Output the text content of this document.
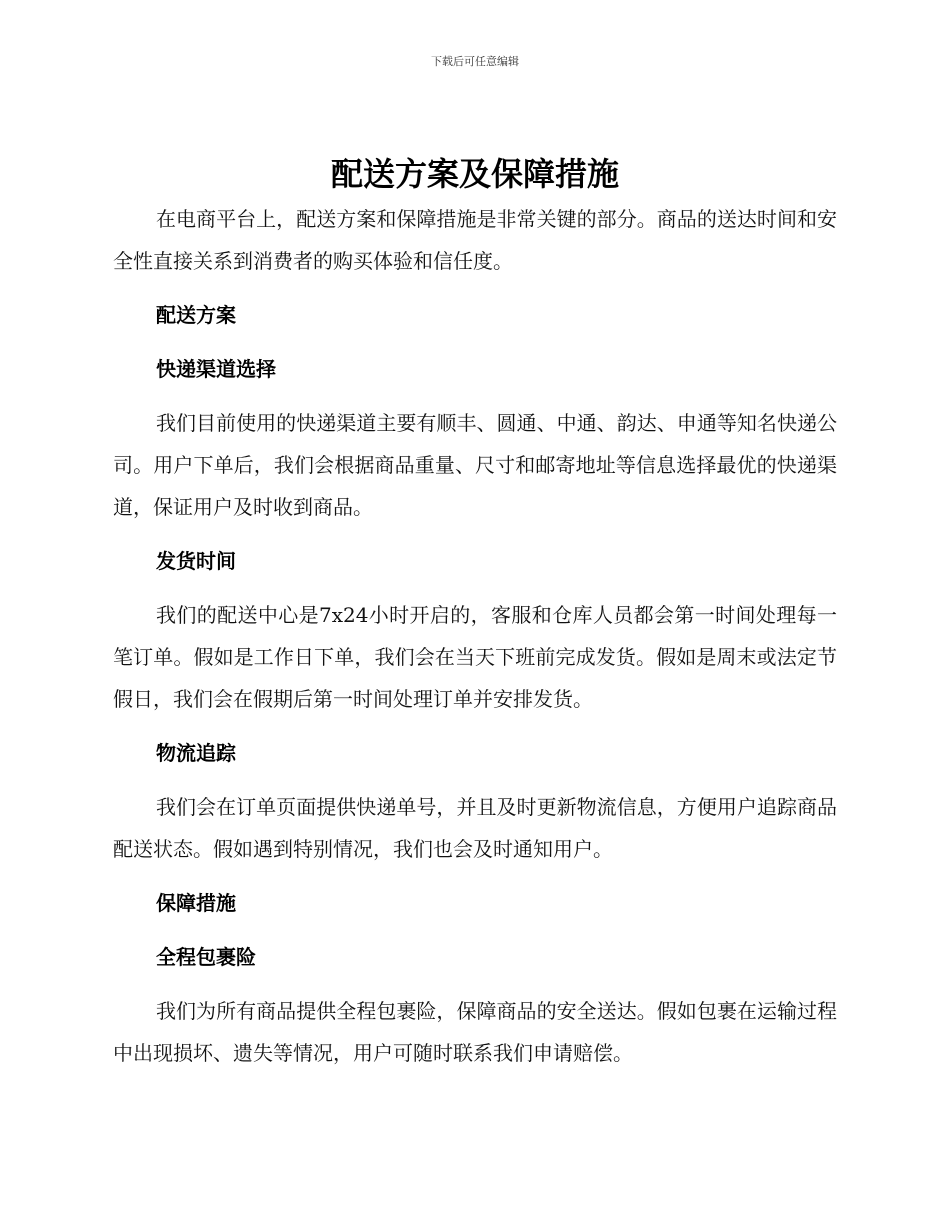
下载后可任意编辑
配送方案及保障措施

在电商平台上，配送方案和保障措施是非常关键的部分。商品的送达时间和安全性直接关系到消费者的购买体验和信任度。

配送方案
快递渠道选择

我们目前使用的快递渠道主要有顺丰、圆通、中通、韵达、申通等知名快递公司。用户下单后，我们会根据商品重量、尺寸和邮寄地址等信息选择最优的快递渠道，保证用户及时收到商品。

发货时间

我们的配送中心是7x24小时开启的，客服和仓库人员都会第一时间处理每一笔订单。假如是工作日下单，我们会在当天下班前完成发货。假如是周末或法定节假日，我们会在假期后第一时间处理订单并安排发货。

物流追踪

我们会在订单页面提供快递单号，并且及时更新物流信息，方便用户追踪商品配送状态。假如遇到特别情况，我们也会及时通知用户。

保障措施
全程包裹险

我们为所有商品提供全程包裹险，保障商品的安全送达。假如包裹在运输过程中出现损坏、遗失等情况，用户可随时联系我们申请赔偿。
